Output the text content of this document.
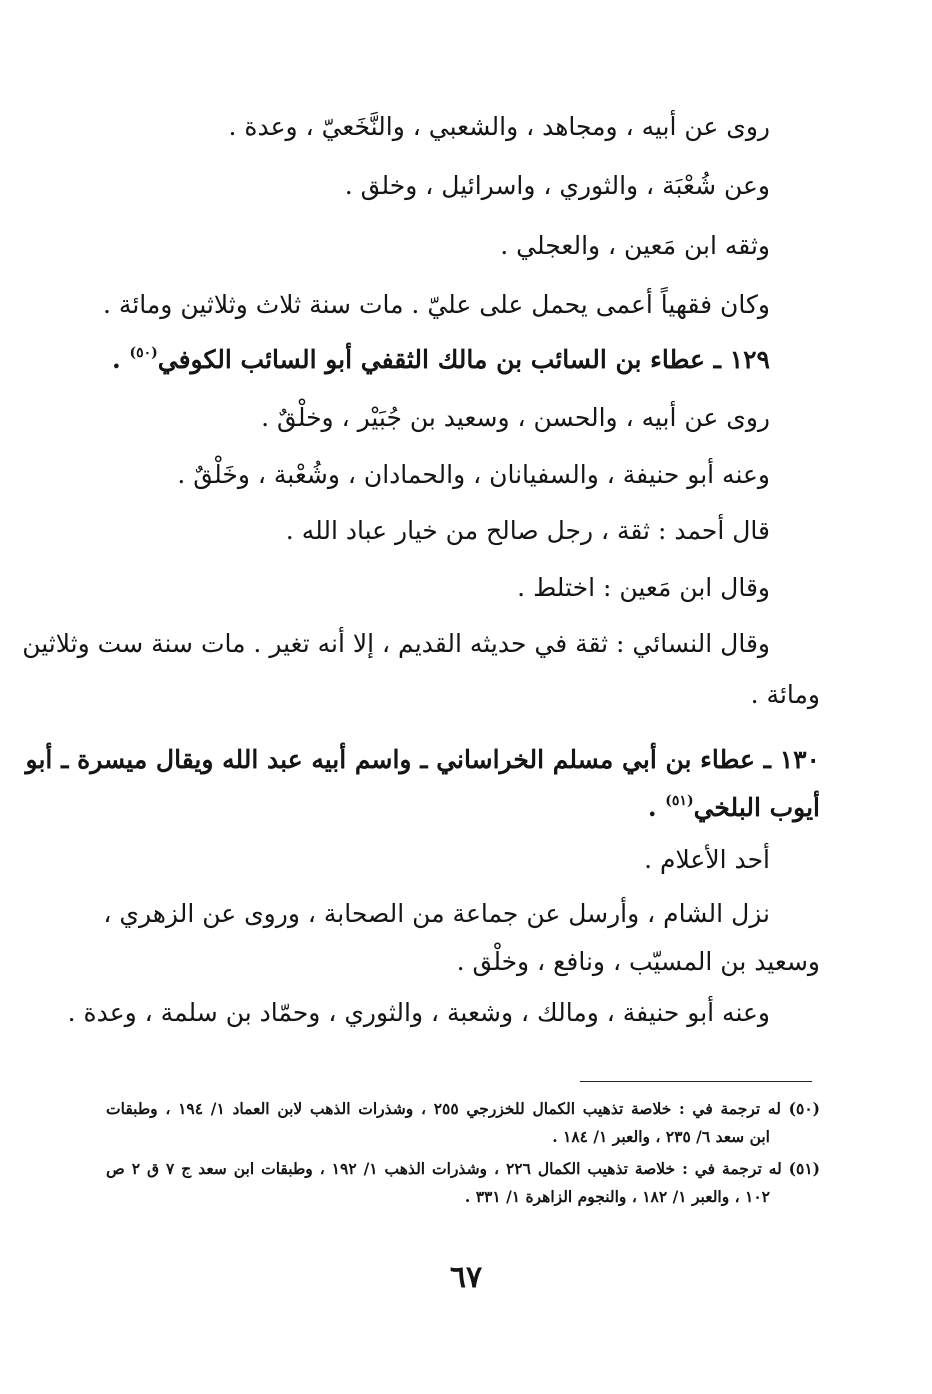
روى عن أبيه ، ومجاهد ، والشعبي ، والنَّخَعيّ ، وعدة .
وعن شُعْبَة ، والثوري ، واسرائيل ، وخلق .
وثقه ابن مَعين ، والعجلي .
وكان فقهياً أعمى يحمل على عليّ . مات سنة ثلاث وثلاثين ومائة .
١٢٩ ـ عطاء بن السائب بن مالك الثقفي أبو السائب الكوفي$^{(٥٠)}$ .
روى عن أبيه ، والحسن ، وسعيد بن جُبَيْر ، وخلْقٌ .
وعنه أبو حنيفة ، والسفيانان ، والحمادان ، وشُعْبة ، وخَلْقٌ .
قال أحمد : ثقة ، رجل صالح من خيار عباد الله .
وقال ابن مَعين : اختلط .
وقال النسائي : ثقة في حديثه القديم ، إلا أنه تغير . مات سنة ست وثلاثين
ومائة .
١٣٠ ـ عطاء بن أبي مسلم الخراساني ـ واسم أبيه عبد الله ويقال ميسرة ـ أبو
أيوب البلخي$^{(٥١)}$ .
أحد الأعلام .
نزل الشام ، وأرسل عن جماعة من الصحابة ، وروى عن الزهري ،
وسعيد بن المسيّب ، ونافع ، وخلْق .
وعنه أبو حنيفة ، ومالك ، وشعبة ، والثوري ، وحمّاد بن سلمة ، وعدة .
(٥٠) له ترجمة في : خلاصة تذهيب الكمال للخزرجي ٢٥٥ ، وشذرات الذهب لابن العماد ١/ ١٩٤ ، وطبقات
ابن سعد ٦/ ٢٣٥ ، والعبر ١/ ١٨٤ .
(٥١) له ترجمة في : خلاصة تذهيب الكمال ٢٢٦ ، وشذرات الذهب ١/ ١٩٢ ، وطبقات ابن سعد ج ٧ ق ٢ ص
١٠٢ ، والعبر ١/ ١٨٢ ، والنجوم الزاهرة ١/ ٣٣١ .
٦٧
